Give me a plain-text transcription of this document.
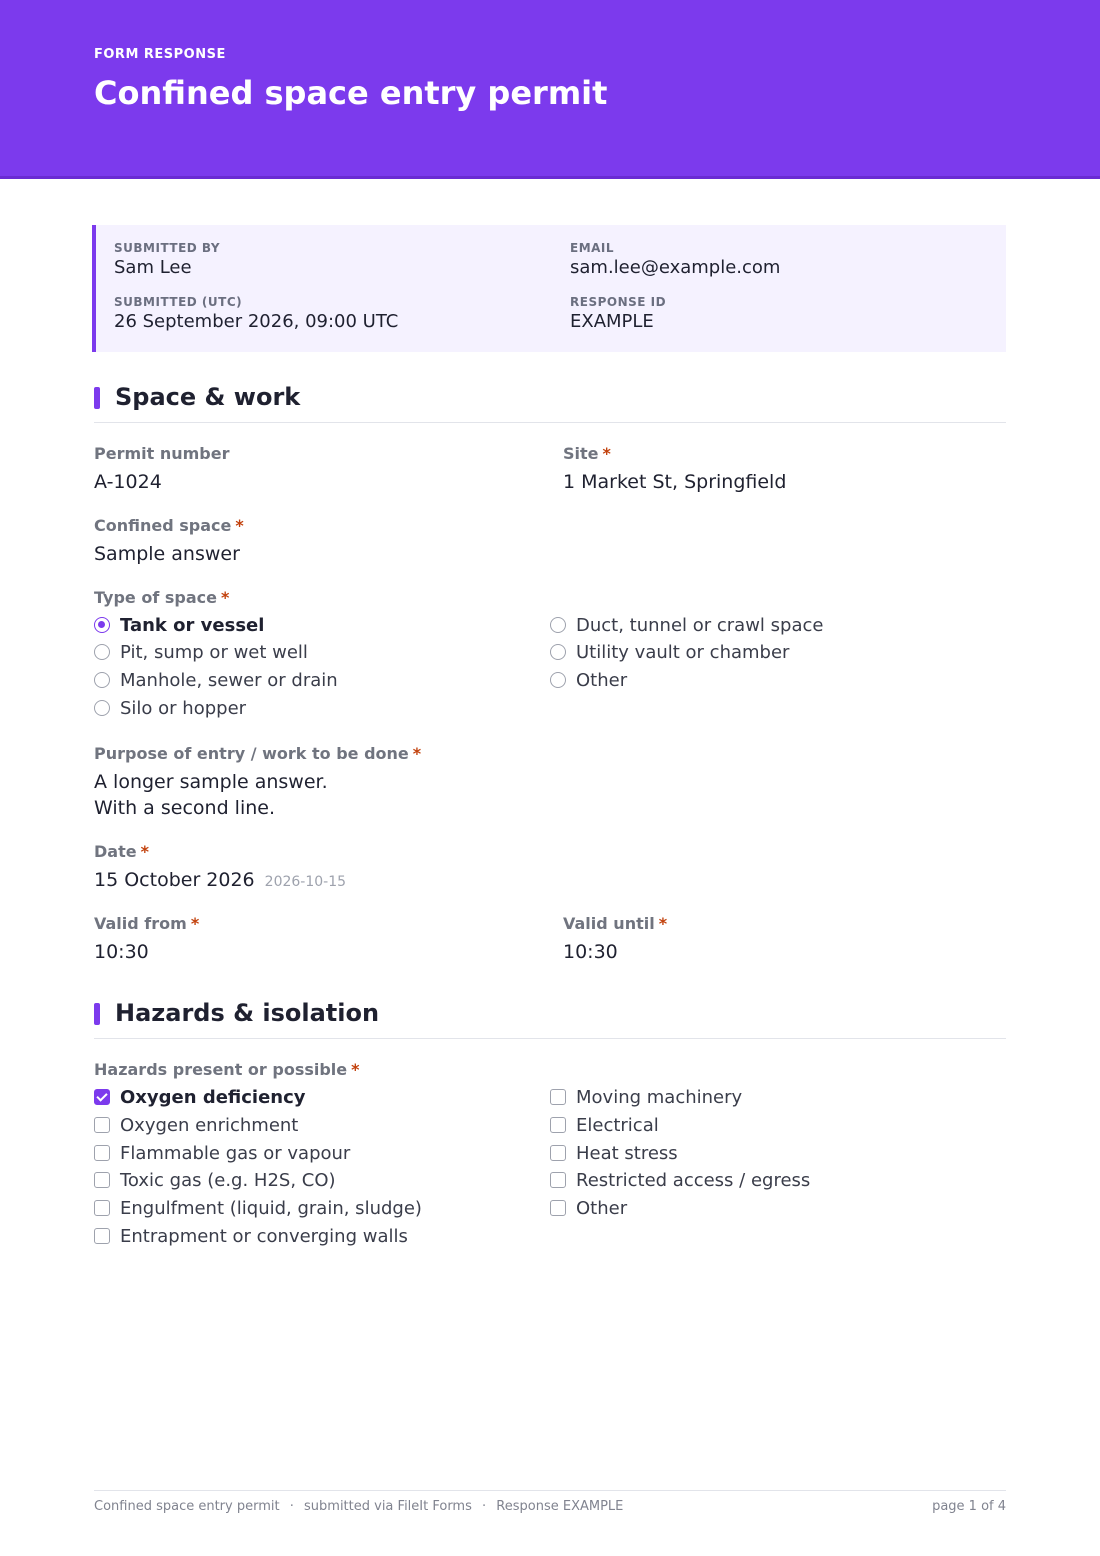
FORM RESPONSE
Confined space entry permit
SUBMITTED BY
Sam Lee
EMAIL
sam.lee@example.com
SUBMITTED (UTC)
26 September 2026, 09:00 UTC
RESPONSE ID
EXAMPLE
Space & work
Permit number
A-1024
Site *
1 Market St, Springfield
Confined space *
Sample answer
Type of space *
Tank or vessel
Pit, sump or wet well
Manhole, sewer or drain
Silo or hopper
Duct, tunnel or crawl space
Utility vault or chamber
Other
Purpose of entry / work to be done *
A longer sample answer.
With a second line.
Date *
15 October 2026 2026-10-15
Valid from *
10:30
Valid until *
10:30
Hazards & isolation
Hazards present or possible *
Oxygen deficiency
Oxygen enrichment
Flammable gas or vapour
Toxic gas (e.g. H2S, CO)
Engulfment (liquid, grain, sludge)
Entrapment or converging walls
Moving machinery
Electrical
Heat stress
Restricted access / egress
Other
Confined space entry permit · submitted via FileIt Forms · Response EXAMPLE	page 1 of 4
